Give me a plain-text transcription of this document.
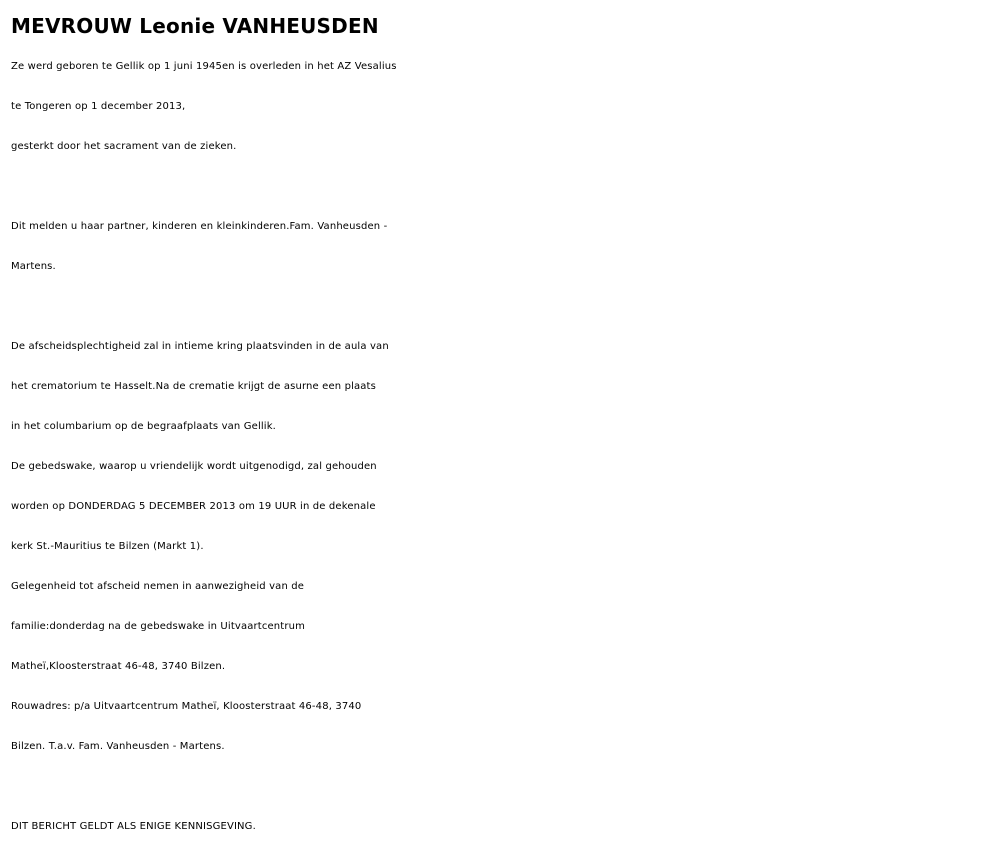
MEVROUW Leonie VANHEUSDEN
Ze werd geboren te Gellik op 1 juni 1945en is overleden in het AZ Vesalius
te Tongeren op 1 december 2013,
gesterkt door het sacrament van de zieken.
Dit melden u haar partner, kinderen en kleinkinderen.Fam. Vanheusden -
Martens.
De afscheidsplechtigheid zal in intieme kring plaatsvinden in de aula van
het crematorium te Hasselt.Na de crematie krijgt de asurne een plaats
in het columbarium op de begraafplaats van Gellik.
De gebedswake, waarop u vriendelijk wordt uitgenodigd, zal gehouden
worden op DONDERDAG 5 DECEMBER 2013 om 19 UUR in de dekenale
kerk St.-Mauritius te Bilzen (Markt 1).
Gelegenheid tot afscheid nemen in aanwezigheid van de
familie:donderdag na de gebedswake in Uitvaartcentrum
Matheï,Kloosterstraat 46-48, 3740 Bilzen.
Rouwadres: p/a Uitvaartcentrum Matheï, Kloosterstraat 46-48, 3740
Bilzen. T.a.v. Fam. Vanheusden - Martens.
DIT BERICHT GELDT ALS ENIGE KENNISGEVING.
